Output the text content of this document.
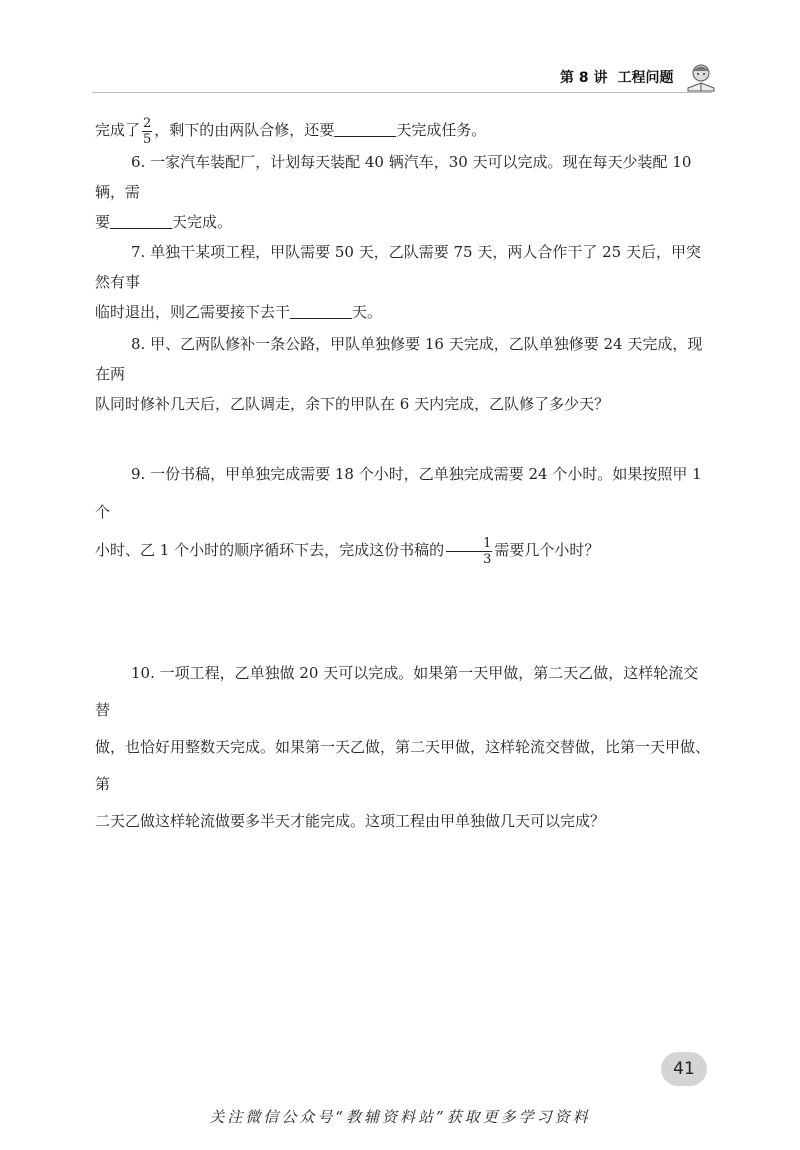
第 8 讲 工程问题

完成了 $\frac{2}{5}$ ，剩下的由两队合修，还要	天完成任务。

6. 一家汽车装配厂，计划每天装配 40 辆汽车，30 天可以完成。现在每天少装配 10 辆，需
要	天完成。

7. 单独干某项工程，甲队需要 50 天，乙队需要 75 天，两人合作干了 25 天后，甲突然有事
临时退出，则乙需要接下去干	天。

8. 甲、乙两队修补一条公路，甲队单独修要 16 天完成，乙队单独修要 24 天完成，现在两
队同时修补几天后，乙队调走，余下的甲队在 6 天内完成，乙队修了多少天？

9. 一份书稿，甲单独完成需要 18 个小时，乙单独完成需要 24 个小时。如果按照甲 1 个
小时、乙 1 个小时的顺序循环下去，完成这份书稿的 $\frac{1}{3}$ 需要几个小时？

10. 一项工程，乙单独做 20 天可以完成。如果第一天甲做，第二天乙做，这样轮流交替
做，也恰好用整数天完成。如果第一天乙做，第二天甲做，这样轮流交替做，比第一天甲做、第
二天乙做这样轮流做要多半天才能完成。这项工程由甲单独做几天可以完成？

41
关注微信公众号“教辅资料站”获取更多学习资料
